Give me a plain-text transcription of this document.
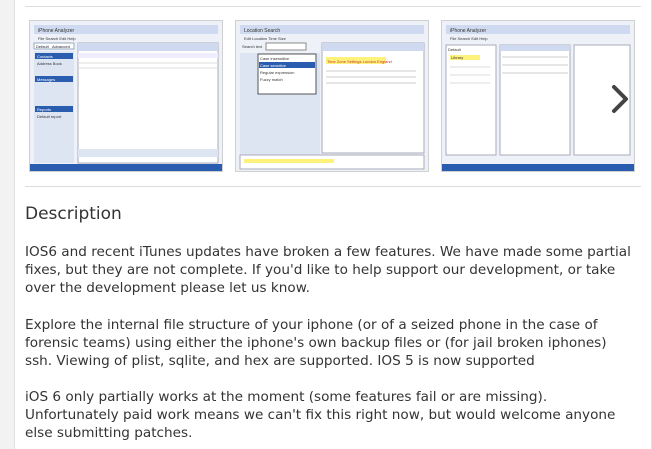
iPhone Analyzer
File Search Edit Help
Default Advanced
Contacts
Address Book
Messages
Reports
Default report
Location Search
Edit Location Time Size
Search text
Case insensitive
Case sensitive
Regular expression
Fuzzy match
Time Zone Settings London England
iPhone Analyzer
File Search Edit Help
Default
Library
Description

IOS6 and recent iTunes updates have broken a few features. We have made some partial fixes, but they are not complete. If you'd like to help support our development, or take over the development please let us know.

Explore the internal file structure of your iphone (or of a seized phone in the case of forensic teams) using either the iphone's own backup files or (for jail broken iphones) ssh. Viewing of plist, sqlite, and hex are supported. IOS 5 is now supported

iOS 6 only partially works at the moment (some features fail or are missing). Unfortunately paid work means we can't fix this right now, but would welcome anyone else submitting patches.
